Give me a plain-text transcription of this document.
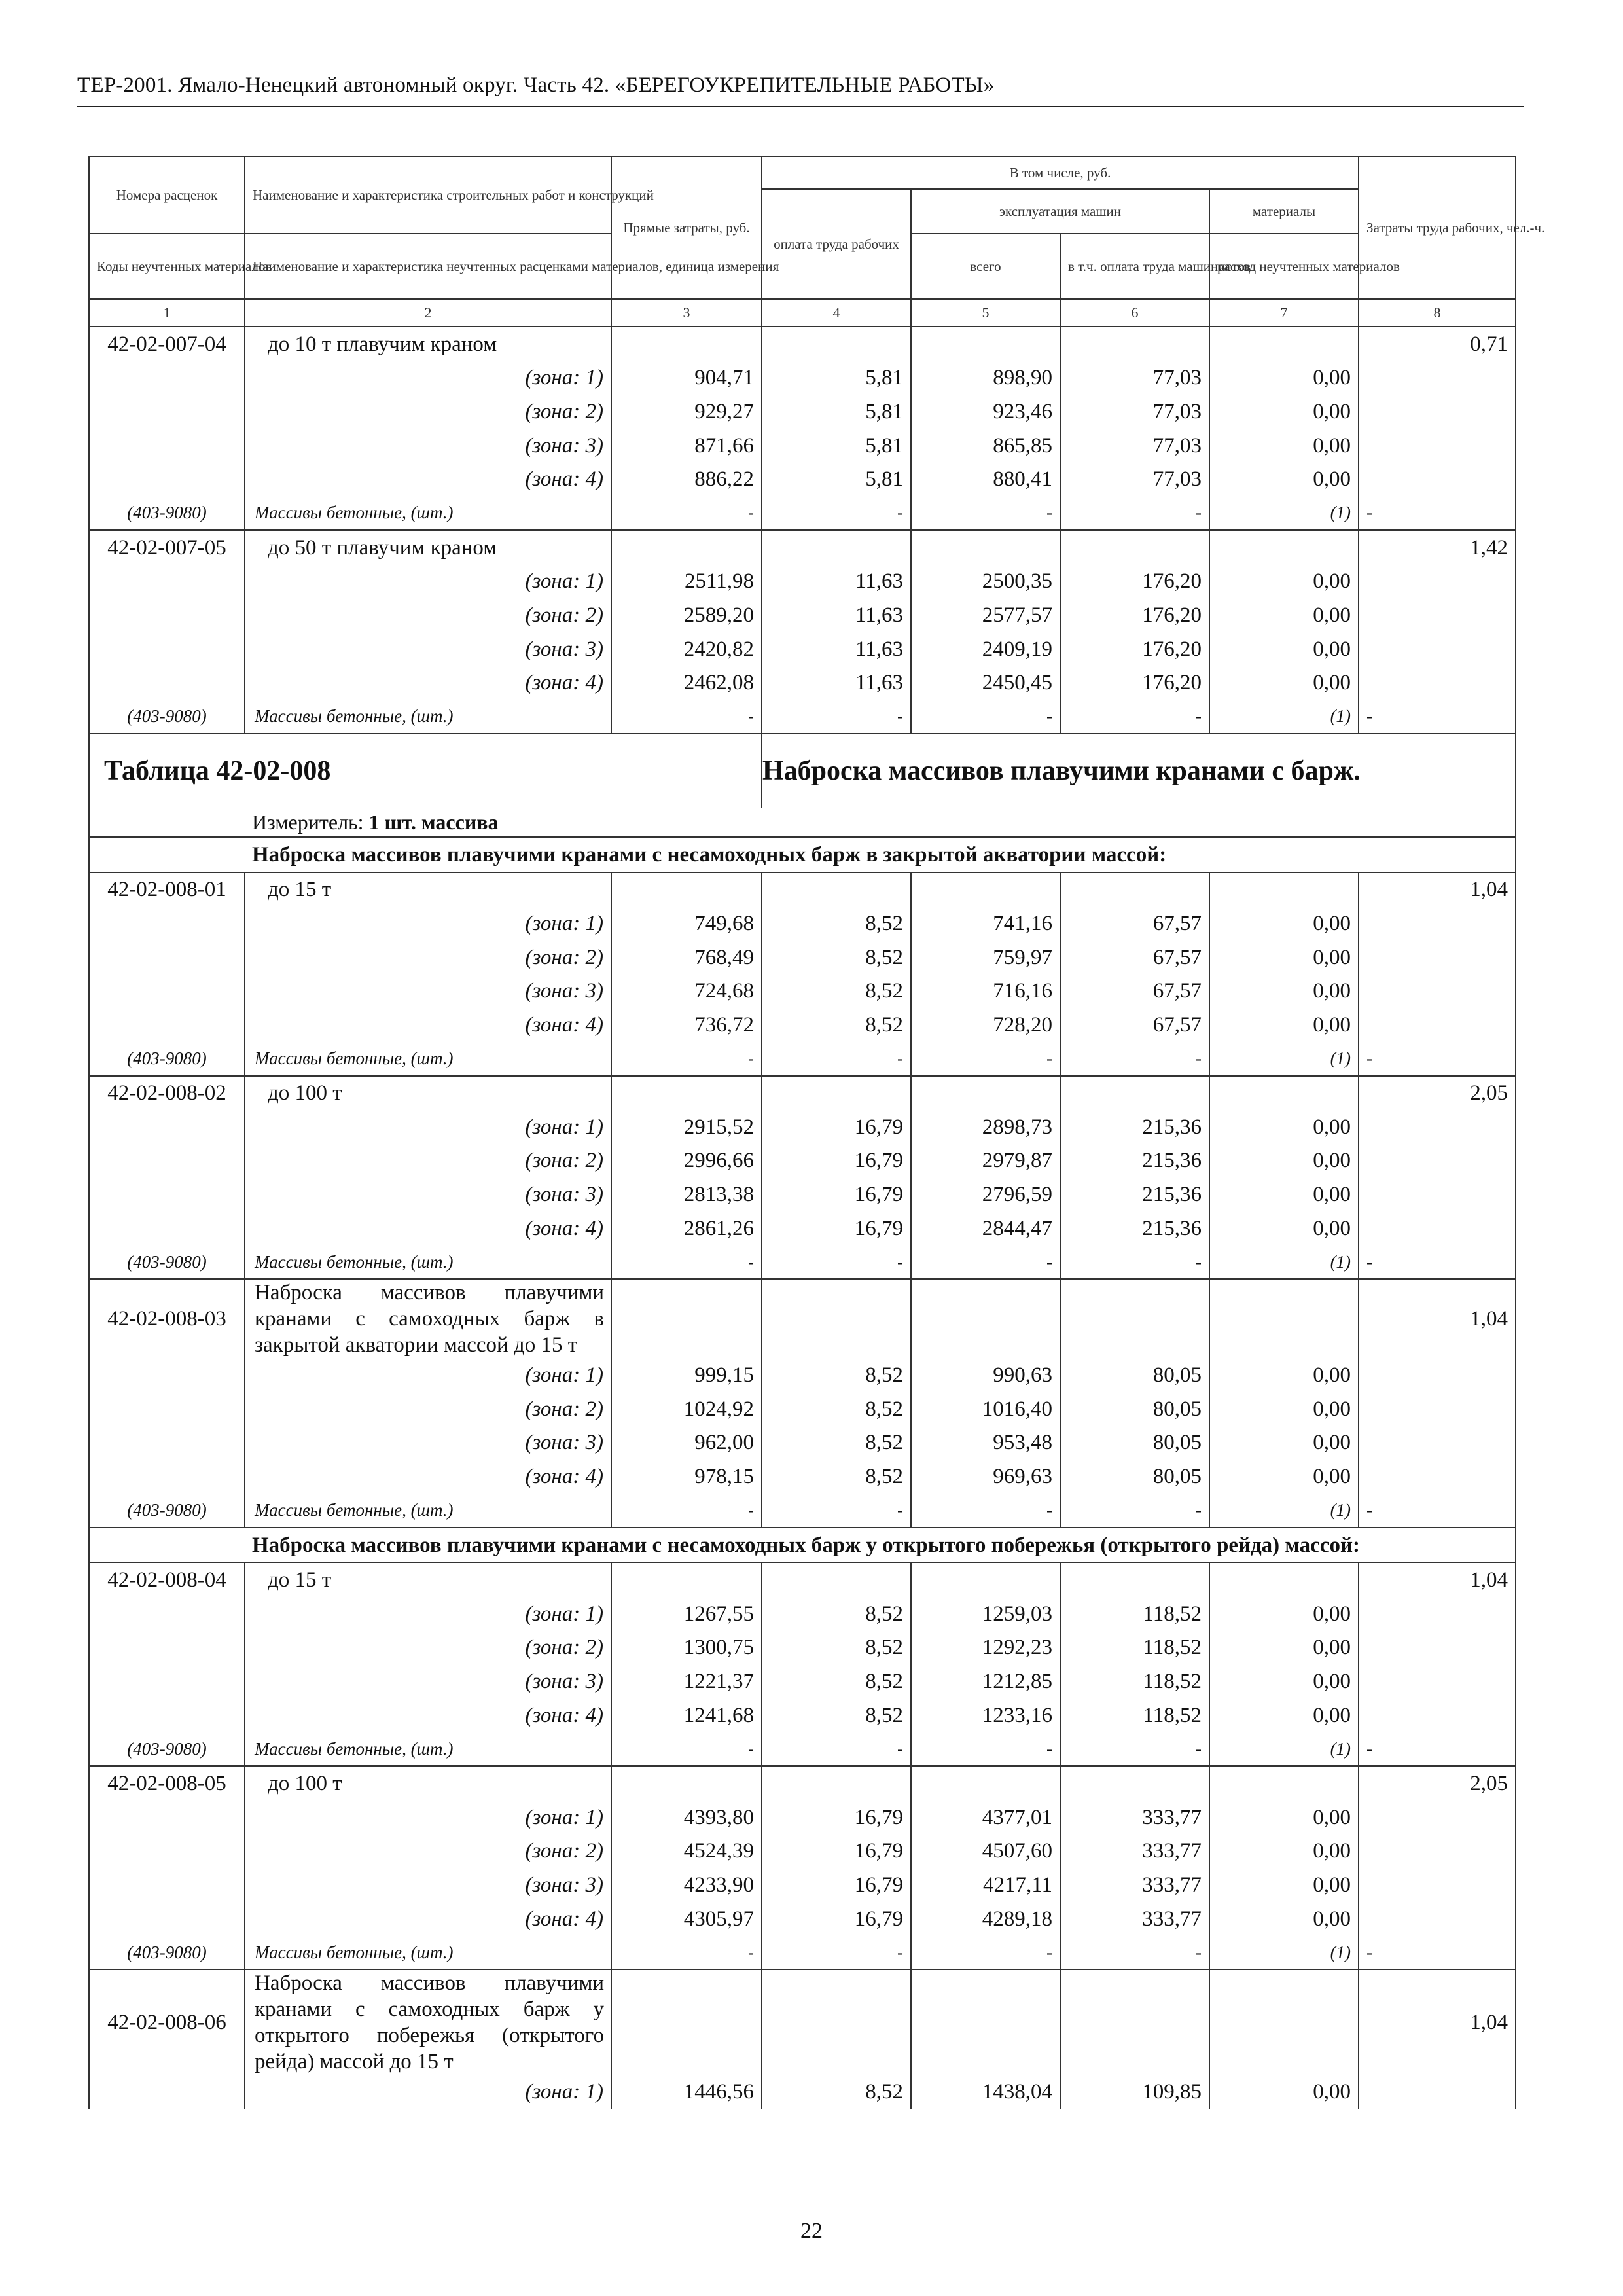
ТЕР-2001. Ямало-Ненецкий автономный округ. Часть 42. «БЕРЕГОУКРЕПИТЕЛЬНЫЕ РАБОТЫ»
Номера расценок	Наименование и характеристика строительных работ и конструкций	Прямые затраты, руб.	В том числе, руб.				Затраты труда рабочих, чел.-ч.
			оплата труда рабочих	эксплуатация машин		материалы	
Коды неучтенных материалов	Наименование и характеристика неучтенных расценками материалов, единица измерения			всего	в т.ч. оплата труда машинистов	расход неучтенных материалов	
1	2	3	4	5	6	7	8
42-02-007-04	до 10 т плавучим краном						0,71
	(зона: 1)	904,71	5,81	898,90	77,03	0,00	
	(зона: 2)	929,27	5,81	923,46	77,03	0,00	
	(зона: 3)	871,66	5,81	865,85	77,03	0,00	
	(зона: 4)	886,22	5,81	880,41	77,03	0,00	
(403-9080)	Массивы бетонные, (шт.)	-	-	-	-	(1)	-
42-02-007-05	до 50 т плавучим краном						1,42
	(зона: 1)	2511,98	11,63	2500,35	176,20	0,00	
	(зона: 2)	2589,20	11,63	2577,57	176,20	0,00	
	(зона: 3)	2420,82	11,63	2409,19	176,20	0,00	
	(зона: 4)	2462,08	11,63	2450,45	176,20	0,00	
(403-9080)	Массивы бетонные, (шт.)	-	-	-	-	(1)	-
Таблица 42-02-008			Наброска массивов плавучими кранами с барж.				
	Измеритель: 1 шт. массива						
	Наброска массивов плавучими кранами с несамоходных барж в закрытой акватории массой:						
42-02-008-01	до 15 т						1,04
	(зона: 1)	749,68	8,52	741,16	67,57	0,00	
	(зона: 2)	768,49	8,52	759,97	67,57	0,00	
	(зона: 3)	724,68	8,52	716,16	67,57	0,00	
	(зона: 4)	736,72	8,52	728,20	67,57	0,00	
(403-9080)	Массивы бетонные, (шт.)	-	-	-	-	(1)	-
42-02-008-02	до 100 т						2,05
	(зона: 1)	2915,52	16,79	2898,73	215,36	0,00	
	(зона: 2)	2996,66	16,79	2979,87	215,36	0,00	
	(зона: 3)	2813,38	16,79	2796,59	215,36	0,00	
	(зона: 4)	2861,26	16,79	2844,47	215,36	0,00	
(403-9080)	Массивы бетонные, (шт.)	-	-	-	-	(1)	-
42-02-008-03	Наброска массивов плавучими кранами с самоходных барж в закрытой акватории массой до 15 т						1,04
	(зона: 1)	999,15	8,52	990,63	80,05	0,00	
	(зона: 2)	1024,92	8,52	1016,40	80,05	0,00	
	(зона: 3)	962,00	8,52	953,48	80,05	0,00	
	(зона: 4)	978,15	8,52	969,63	80,05	0,00	
(403-9080)	Массивы бетонные, (шт.)	-	-	-	-	(1)	-
	Наброска массивов плавучими кранами с несамоходных барж у открытого побережья (открытого рейда) массой:						
42-02-008-04	до 15 т						1,04
	(зона: 1)	1267,55	8,52	1259,03	118,52	0,00	
	(зона: 2)	1300,75	8,52	1292,23	118,52	0,00	
	(зона: 3)	1221,37	8,52	1212,85	118,52	0,00	
	(зона: 4)	1241,68	8,52	1233,16	118,52	0,00	
(403-9080)	Массивы бетонные, (шт.)	-	-	-	-	(1)	-
42-02-008-05	до 100 т						2,05
	(зона: 1)	4393,80	16,79	4377,01	333,77	0,00	
	(зона: 2)	4524,39	16,79	4507,60	333,77	0,00	
	(зона: 3)	4233,90	16,79	4217,11	333,77	0,00	
	(зона: 4)	4305,97	16,79	4289,18	333,77	0,00	
(403-9080)	Массивы бетонные, (шт.)	-	-	-	-	(1)	-
42-02-008-06	Наброска массивов плавучими кранами с самоходных барж у открытого побережья (открытого рейда) массой до 15 т						1,04
	(зона: 1)	1446,56	8,52	1438,04	109,85	0,00	
22
